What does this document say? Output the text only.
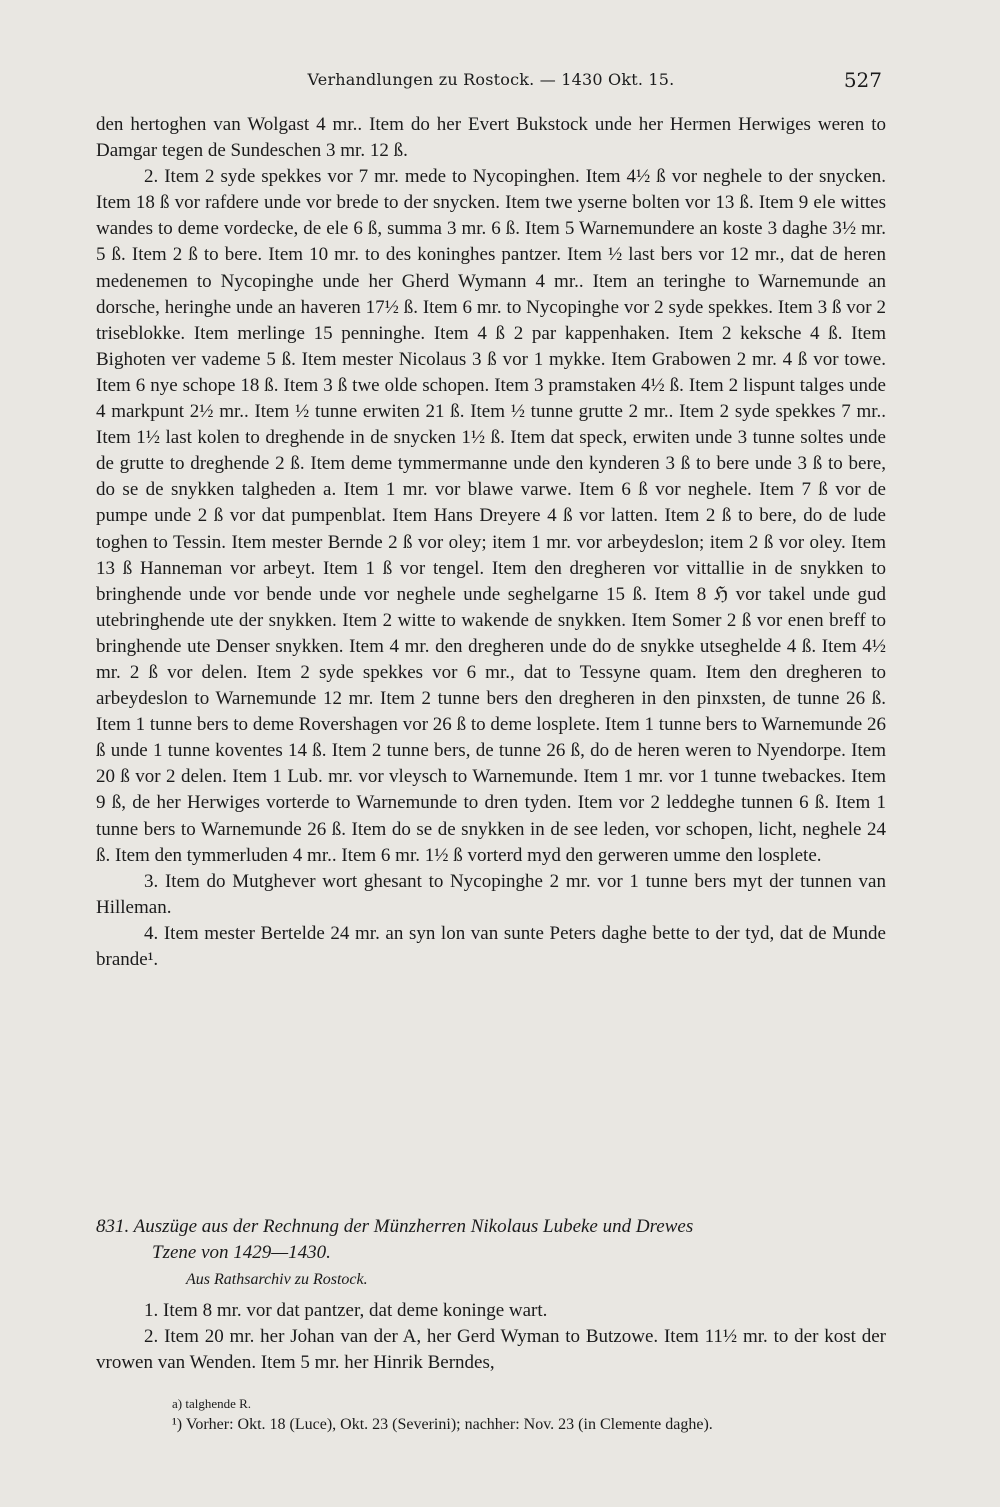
Verhandlungen zu Rostock. — 1430 Okt. 15.	527

den hertoghen van Wolgast 4 mr.. Item do her Evert Bukstock unde her Hermen Herwiges weren to Damgar tegen de Sundeschen 3 mr. 12 ß.

2. Item 2 syde spekkes vor 7 mr. mede to Nycopinghen. Item 4½ ß vor neghele to der snycken. Item 18 ß vor rafdere unde vor brede to der snycken. Item twe yserne bolten vor 13 ß. Item 9 ele wittes wandes to deme vordecke, de ele 6 ß, summa 3 mr. 6 ß. Item 5 Warnemundere an koste 3 daghe 3½ mr. 5 ß. Item 2 ß to bere. Item 10 mr. to des koninghes pantzer. Item ½ last bers vor 12 mr., dat de heren medenemen to Nycopinghe unde her Gherd Wymann 4 mr.. Item an teringhe to Warnemunde an dorsche, heringhe unde an haveren 17½ ß. Item 6 mr. to Nycopinghe vor 2 syde spekkes. Item 3 ß vor 2 triseblokke. Item merlinge 15 penninghe. Item 4 ß 2 par kappenhaken. Item 2 keksche 4 ß. Item Bighoten ver vademe 5 ß. Item mester Nicolaus 3 ß vor 1 mykke. Item Grabowen 2 mr. 4 ß vor towe. Item 6 nye schope 18 ß. Item 3 ß twe olde schopen. Item 3 pramstaken 4½ ß. Item 2 lispunt talges unde 4 markpunt 2½ mr.. Item ½ tunne erwiten 21 ß. Item ½ tunne grutte 2 mr.. Item 2 syde spekkes 7 mr.. Item 1½ last kolen to dreghende in de snycken 1½ ß. Item dat speck, erwiten unde 3 tunne soltes unde de grutte to dreghende 2 ß. Item deme tymmermanne unde den kynderen 3 ß to bere unde 3 ß to bere, do se de snykken talgheden a. Item 1 mr. vor blawe varwe. Item 6 ß vor neghele. Item 7 ß vor de pumpe unde 2 ß vor dat pumpenblat. Item Hans Dreyere 4 ß vor latten. Item 2 ß to bere, do de lude toghen to Tessin. Item mester Bernde 2 ß vor oley; item 1 mr. vor arbeydeslon; item 2 ß vor oley. Item 13 ß Hanneman vor arbeyt. Item 1 ß vor tengel. Item den dregheren vor vittallie in de snykken to bringhende unde vor bende unde vor neghele unde seghelgarne 15 ß. Item 8 ℌ vor takel unde gud utebringhende ute der snykken. Item 2 witte to wakende de snykken. Item Somer 2 ß vor enen breff to bringhende ute Denser snykken. Item 4 mr. den dregheren unde do de snykke utseghelde 4 ß. Item 4½ mr. 2 ß vor delen. Item 2 syde spekkes vor 6 mr., dat to Tessyne quam. Item den dregheren to arbeydeslon to Warnemunde 12 mr. Item 2 tunne bers den dregheren in den pinxsten, de tunne 26 ß. Item 1 tunne bers to deme Rovershagen vor 26 ß to deme losplete. Item 1 tunne bers to Warnemunde 26 ß unde 1 tunne koventes 14 ß. Item 2 tunne bers, de tunne 26 ß, do de heren weren to Nyendorpe. Item 20 ß vor 2 delen. Item 1 Lub. mr. vor vleysch to Warnemunde. Item 1 mr. vor 1 tunne twebackes. Item 9 ß, de her Herwiges vorterde to Warnemunde to dren tyden. Item vor 2 leddeghe tunnen 6 ß. Item 1 tunne bers to Warnemunde 26 ß. Item do se de snykken in de see leden, vor schopen, licht, neghele 24 ß. Item den tymmerluden 4 mr.. Item 6 mr. 1½ ß vorterd myd den gerweren umme den losplete.

3. Item do Mutghever wort ghesant to Nycopinghe 2 mr. vor 1 tunne bers myt der tunnen van Hilleman.

4. Item mester Bertelde 24 mr. an syn lon van sunte Peters daghe bette to der tyd, dat de Munde brande¹.

831. Auszüge aus der Rechnung der Münzherren Nikolaus Lubeke und Drewes
Tzene von 1429—1430.
Aus Rathsarchiv zu Rostock.

1. Item 8 mr. vor dat pantzer, dat deme koninge wart.

2. Item 20 mr. her Johan van der A, her Gerd Wyman to Butzowe. Item 11½ mr. to der kost der vrowen van Wenden. Item 5 mr. her Hinrik Berndes,

a) talghende R.
¹) Vorher: Okt. 18 (Luce), Okt. 23 (Severini); nachher: Nov. 23 (in Clemente daghe).
